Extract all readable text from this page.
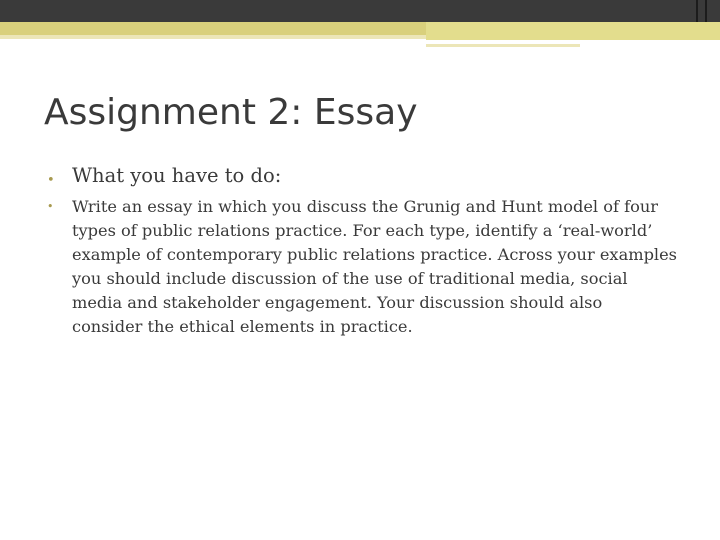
Assignment 2: Essay
• What you have to do:
• Write an essay in which you discuss the Grunig and Hunt model of four types of public relations practice. For each type, identify a ‘real-world’ example of contemporary public relations practice. Across your examples you should include discussion of the use of traditional media, social media and stakeholder engagement. Your discussion should also consider the ethical elements in practice.
